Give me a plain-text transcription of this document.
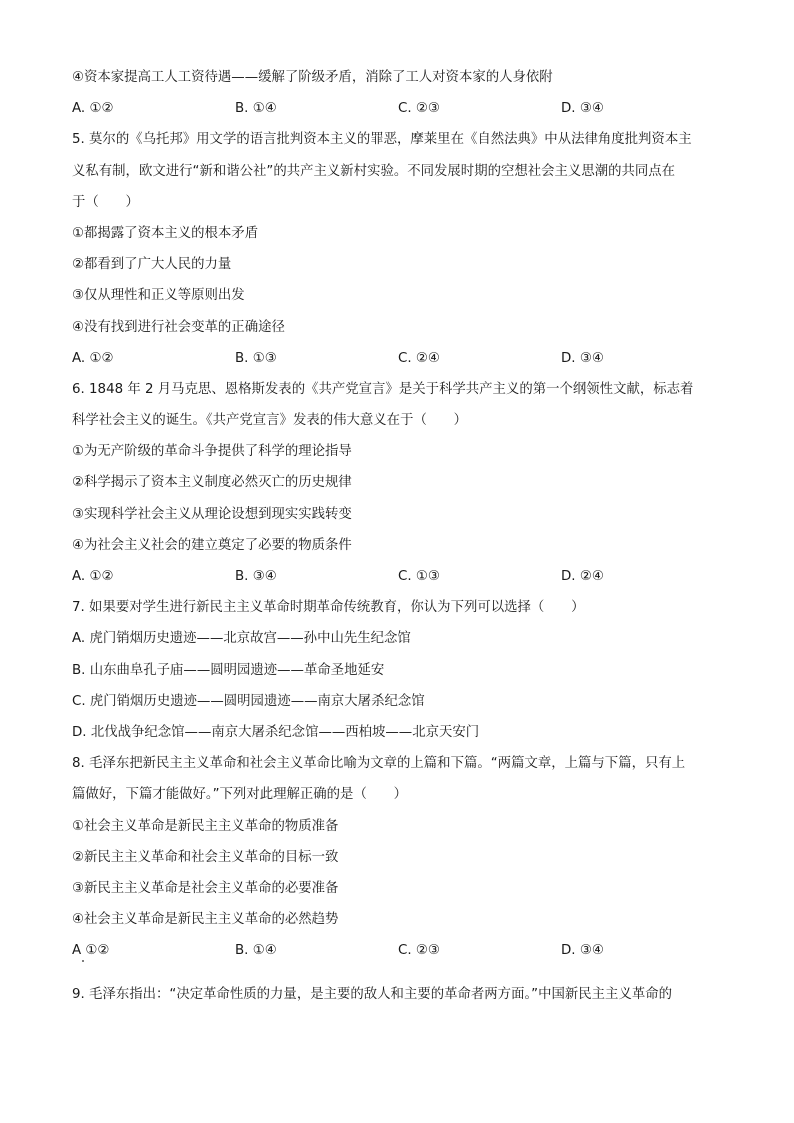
④资本家提高工人工资待遇——缓解了阶级矛盾，消除了工人对资本家的人身依附
A. ①②	B. ①④	C. ②③	D. ③④
5. 莫尔的《乌托邦》用文学的语言批判资本主义的罪恶，摩莱里在《自然法典》中从法律角度批判资本主
义私有制，欧文进行“新和谐公社”的共产主义新村实验。不同发展时期的空想社会主义思潮的共同点在
于（　　）
①都揭露了资本主义的根本矛盾
②都看到了广大人民的力量
③仅从理性和正义等原则出发
④没有找到进行社会变革的正确途径
A. ①②	B. ①③	C. ②④	D. ③④
6. 1848 年 2 月马克思、恩格斯发表的《共产党宣言》是关于科学共产主义的第一个纲领性文献，标志着
科学社会主义的诞生。《共产党宣言》发表的伟大意义在于（　　）
①为无产阶级的革命斗争提供了科学的理论指导
②科学揭示了资本主义制度必然灭亡的历史规律
③实现科学社会主义从理论设想到现实实践转变
④为社会主义社会的建立奠定了必要的物质条件
A. ①②	B. ③④	C. ①③	D. ②④
7. 如果要对学生进行新民主主义革命时期革命传统教育，你认为下列可以选择（　　）
A. 虎门销烟历史遗迹——北京故宫——孙中山先生纪念馆
B. 山东曲阜孔子庙——圆明园遗迹——革命圣地延安
C. 虎门销烟历史遗迹——圆明园遗迹——南京大屠杀纪念馆
D. 北伐战争纪念馆——南京大屠杀纪念馆——西柏坡——北京天安门
8. 毛泽东把新民主主义革命和社会主义革命比喻为文章的上篇和下篇。“两篇文章，上篇与下篇，只有上
篇做好，下篇才能做好。”下列对此理解正确的是（　　）
①社会主义革命是新民主主义革命的物质准备
②新民主主义革命和社会主义革命的目标一致
③新民主主义革命是社会主义革命的必要准备
④社会主义革命是新民主主义革命的必然趋势
A ①②	B. ①④	C. ②③	D. ③④
9. 毛泽东指出：“决定革命性质的力量，是主要的敌人和主要的革命者两方面。”中国新民主主义革命的
